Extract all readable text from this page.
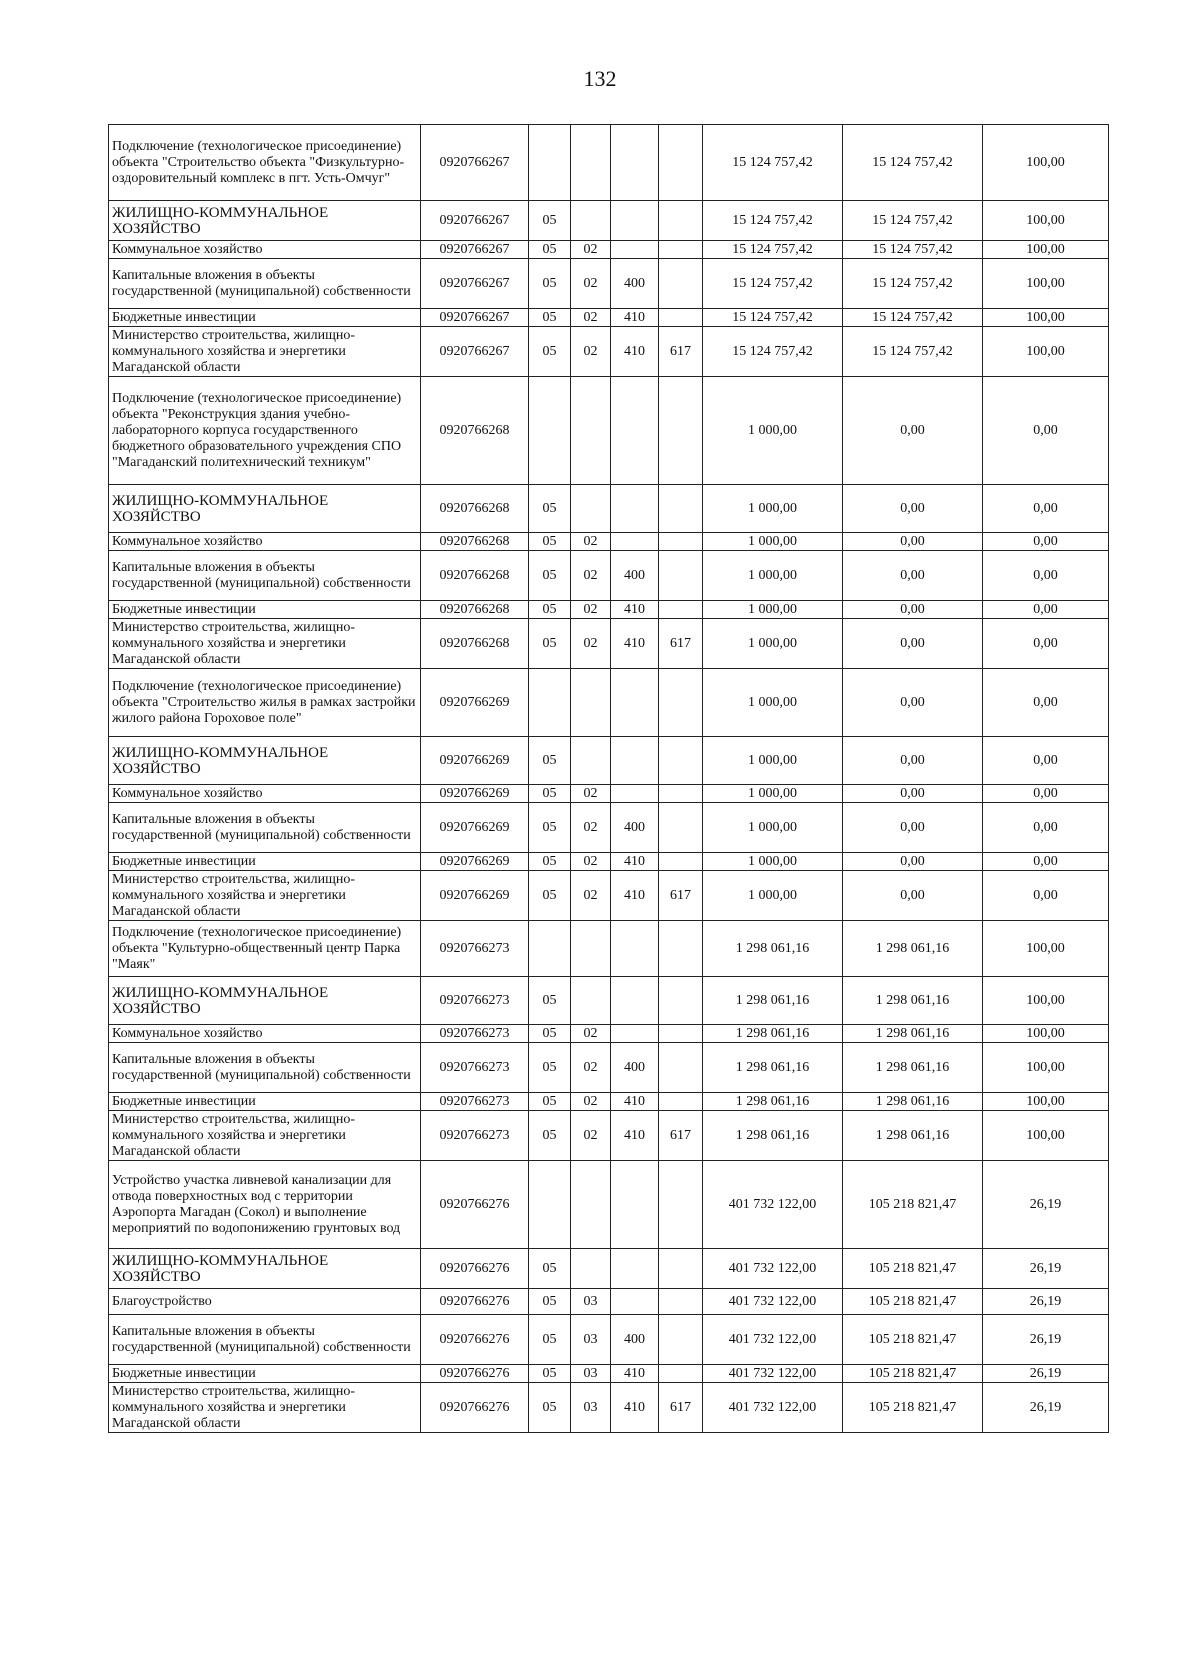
132
Подключение (технологическое присоединение) объекта "Строительство объекта "Физкультурно-оздоровительный комплекс в пгт. Усть-Омчуг"	0920766267					15 124 757,42	15 124 757,42	100,00
ЖИЛИЩНО-КОММУНАЛЬНОЕ ХОЗЯЙСТВО	0920766267	05				15 124 757,42	15 124 757,42	100,00
Коммунальное хозяйство	0920766267	05	02			15 124 757,42	15 124 757,42	100,00
Капитальные вложения в объекты государственной (муниципальной) собственности	0920766267	05	02	400		15 124 757,42	15 124 757,42	100,00
Бюджетные инвестиции	0920766267	05	02	410		15 124 757,42	15 124 757,42	100,00
Министерство строительства, жилищно-коммунального хозяйства и энергетики Магаданской области	0920766267	05	02	410	617	15 124 757,42	15 124 757,42	100,00
Подключение (технологическое присоединение) объекта "Реконструкция здания учебно-лабораторного корпуса государственного бюджетного образовательного учреждения СПО "Магаданский политехнический техникум"	0920766268					1 000,00	0,00	0,00
ЖИЛИЩНО-КОММУНАЛЬНОЕ ХОЗЯЙСТВО	0920766268	05				1 000,00	0,00	0,00
Коммунальное хозяйство	0920766268	05	02			1 000,00	0,00	0,00
Капитальные вложения в объекты государственной (муниципальной) собственности	0920766268	05	02	400		1 000,00	0,00	0,00
Бюджетные инвестиции	0920766268	05	02	410		1 000,00	0,00	0,00
Министерство строительства, жилищно-коммунального хозяйства и энергетики Магаданской области	0920766268	05	02	410	617	1 000,00	0,00	0,00
Подключение (технологическое присоединение) объекта "Строительство жилья в рамках застройки жилого района Гороховое поле"	0920766269					1 000,00	0,00	0,00
ЖИЛИЩНО-КОММУНАЛЬНОЕ ХОЗЯЙСТВО	0920766269	05				1 000,00	0,00	0,00
Коммунальное хозяйство	0920766269	05	02			1 000,00	0,00	0,00
Капитальные вложения в объекты государственной (муниципальной) собственности	0920766269	05	02	400		1 000,00	0,00	0,00
Бюджетные инвестиции	0920766269	05	02	410		1 000,00	0,00	0,00
Министерство строительства, жилищно-коммунального хозяйства и энергетики Магаданской области	0920766269	05	02	410	617	1 000,00	0,00	0,00
Подключение (технологическое присоединение) объекта "Культурно-общественный центр Парка "Маяк"	0920766273					1 298 061,16	1 298 061,16	100,00
ЖИЛИЩНО-КОММУНАЛЬНОЕ ХОЗЯЙСТВО	0920766273	05				1 298 061,16	1 298 061,16	100,00
Коммунальное хозяйство	0920766273	05	02			1 298 061,16	1 298 061,16	100,00
Капитальные вложения в объекты государственной (муниципальной) собственности	0920766273	05	02	400		1 298 061,16	1 298 061,16	100,00
Бюджетные инвестиции	0920766273	05	02	410		1 298 061,16	1 298 061,16	100,00
Министерство строительства, жилищно-коммунального хозяйства и энергетики Магаданской области	0920766273	05	02	410	617	1 298 061,16	1 298 061,16	100,00
Устройство участка ливневой канализации для отвода поверхностных вод с территории Аэропорта Магадан (Сокол) и выполнение мероприятий по водопонижению грунтовых вод	0920766276					401 732 122,00	105 218 821,47	26,19
ЖИЛИЩНО-КОММУНАЛЬНОЕ ХОЗЯЙСТВО	0920766276	05				401 732 122,00	105 218 821,47	26,19
Благоустройство	0920766276	05	03			401 732 122,00	105 218 821,47	26,19
Капитальные вложения в объекты государственной (муниципальной) собственности	0920766276	05	03	400		401 732 122,00	105 218 821,47	26,19
Бюджетные инвестиции	0920766276	05	03	410		401 732 122,00	105 218 821,47	26,19
Министерство строительства, жилищно-коммунального хозяйства и энергетики Магаданской области	0920766276	05	03	410	617	401 732 122,00	105 218 821,47	26,19
